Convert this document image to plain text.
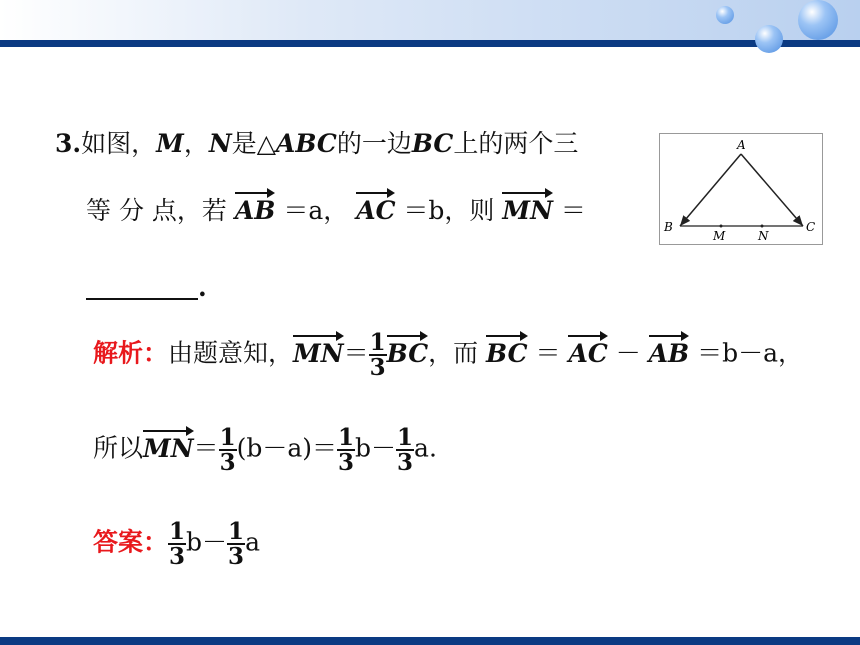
3.如图，M，N是△ABC的一边BC上的两个三
等 分 点，若 AB ＝a， AC ＝b，则 MN ＝
.
A
B	C
M	N
解析：由题意知，$MN= \frac{1}{3}$ BC，而 BC ＝ AC － AB ＝b－a，
所以$MN= \frac{1}{3} (b-a)= \frac{1}{3} b- \frac{1}{3} a$.
答案： $\frac{1}{3} b- \frac{1}{3}$ a
